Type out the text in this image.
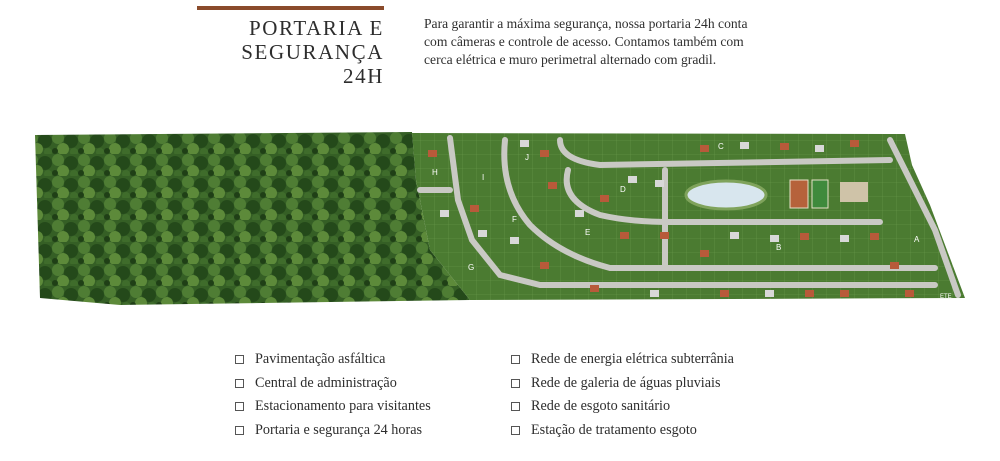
PORTARIA E
SEGURANÇA 24H
Para garantir a máxima segurança, nossa portaria 24h conta com câmeras e controle de acesso. Contamos também com cerca elétrica e muro perimetral alternado com gradil.
H
I
J
G
F
E
D
C
B
A
ETE
Pavimentação asfáltica
Central de administração
Estacionamento para visitantes
Portaria e segurança 24 horas
Rede de energia elétrica subterrânia
Rede de galeria de águas pluviais
Rede de esgoto sanitário
Estação de tratamento esgoto
